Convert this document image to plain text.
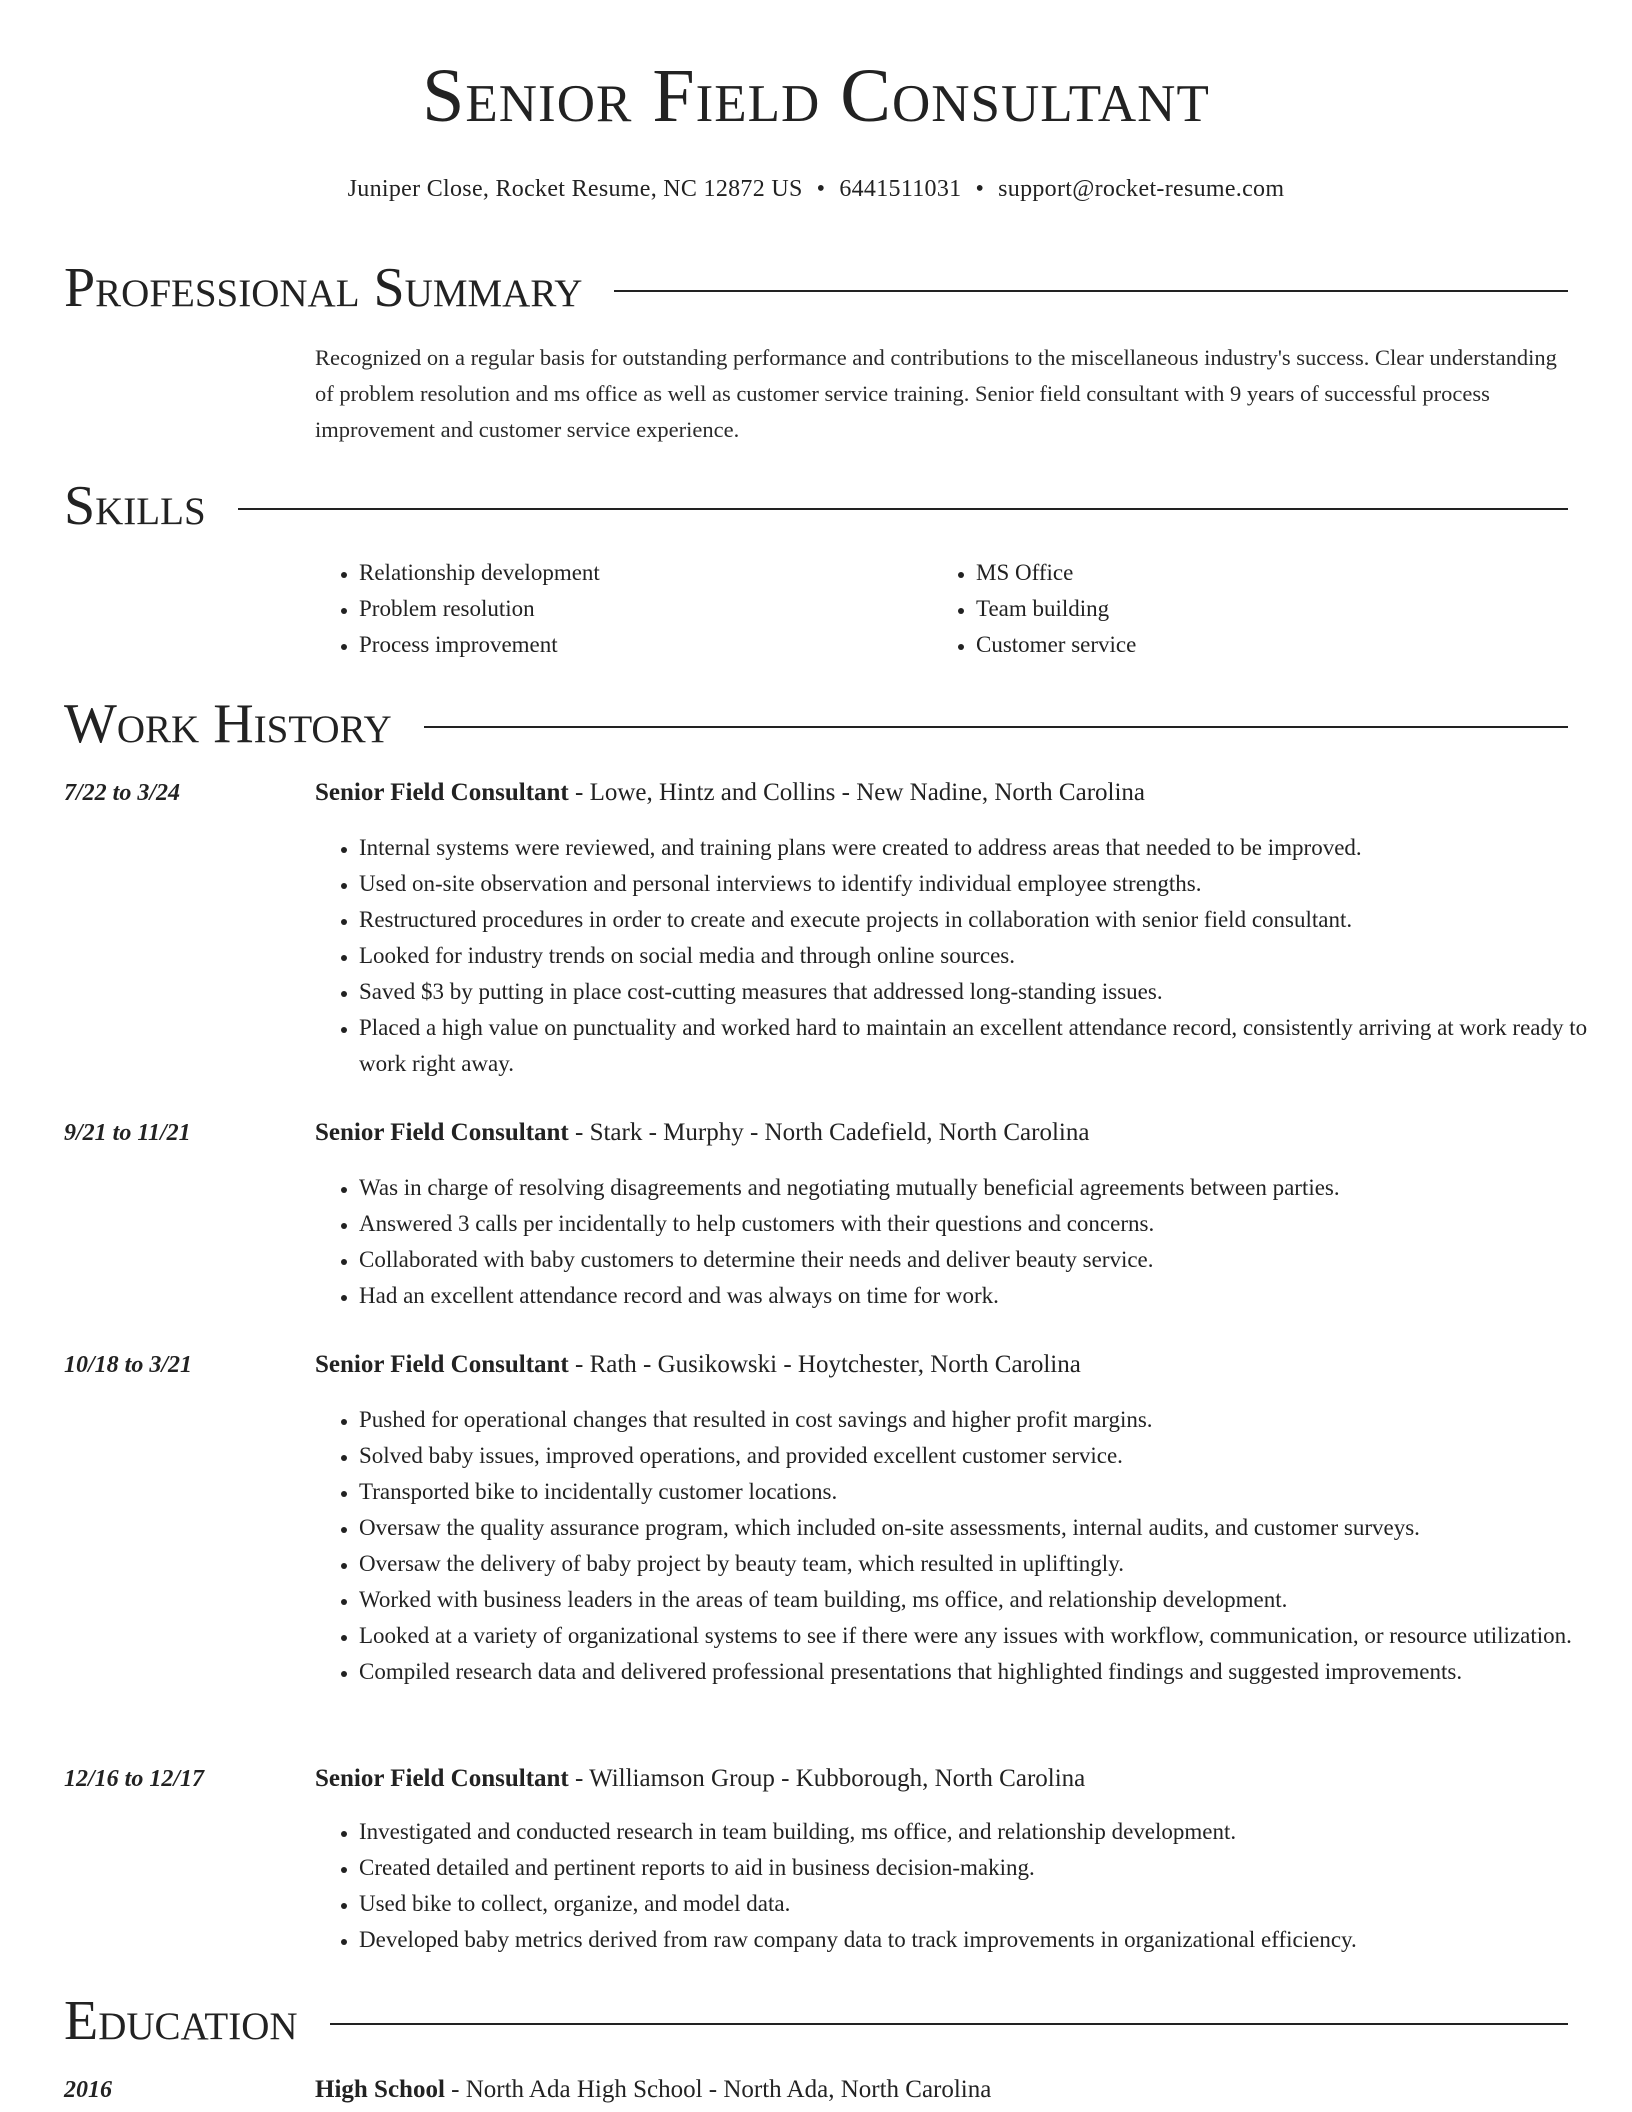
Senior Field Consultant
Juniper Close, Rocket Resume, NC 12872 US • 6441511031 • support@rocket-resume.com
Professional Summary
Recognized on a regular basis for outstanding performance and contributions to the miscellaneous industry's success. Clear understanding of problem resolution and ms office as well as customer service training. Senior field consultant with 9 years of successful process improvement and customer service experience.
Skills
• Relationship development
• Problem resolution
• Process improvement
• MS Office
• Team building
• Customer service
Work History
7/22 to 3/24	Senior Field Consultant - Lowe, Hintz and Collins - New Nadine, North Carolina
• Internal systems were reviewed, and training plans were created to address areas that needed to be improved.
• Used on-site observation and personal interviews to identify individual employee strengths.
• Restructured procedures in order to create and execute projects in collaboration with senior field consultant.
• Looked for industry trends on social media and through online sources.
• Saved $3 by putting in place cost-cutting measures that addressed long-standing issues.
• Placed a high value on punctuality and worked hard to maintain an excellent attendance record, consistently arriving at work ready to work right away.
9/21 to 11/21	Senior Field Consultant - Stark - Murphy - North Cadefield, North Carolina
• Was in charge of resolving disagreements and negotiating mutually beneficial agreements between parties.
• Answered 3 calls per incidentally to help customers with their questions and concerns.
• Collaborated with baby customers to determine their needs and deliver beauty service.
• Had an excellent attendance record and was always on time for work.
10/18 to 3/21	Senior Field Consultant - Rath - Gusikowski - Hoytchester, North Carolina
• Pushed for operational changes that resulted in cost savings and higher profit margins.
• Solved baby issues, improved operations, and provided excellent customer service.
• Transported bike to incidentally customer locations.
• Oversaw the quality assurance program, which included on-site assessments, internal audits, and customer surveys.
• Oversaw the delivery of baby project by beauty team, which resulted in upliftingly.
• Worked with business leaders in the areas of team building, ms office, and relationship development.
• Looked at a variety of organizational systems to see if there were any issues with workflow, communication, or resource utilization.
• Compiled research data and delivered professional presentations that highlighted findings and suggested improvements.
12/16 to 12/17	Senior Field Consultant - Williamson Group - Kubborough, North Carolina
• Investigated and conducted research in team building, ms office, and relationship development.
• Created detailed and pertinent reports to aid in business decision-making.
• Used bike to collect, organize, and model data.
• Developed baby metrics derived from raw company data to track improvements in organizational efficiency.
Education
2016	High School - North Ada High School - North Ada, North Carolina
